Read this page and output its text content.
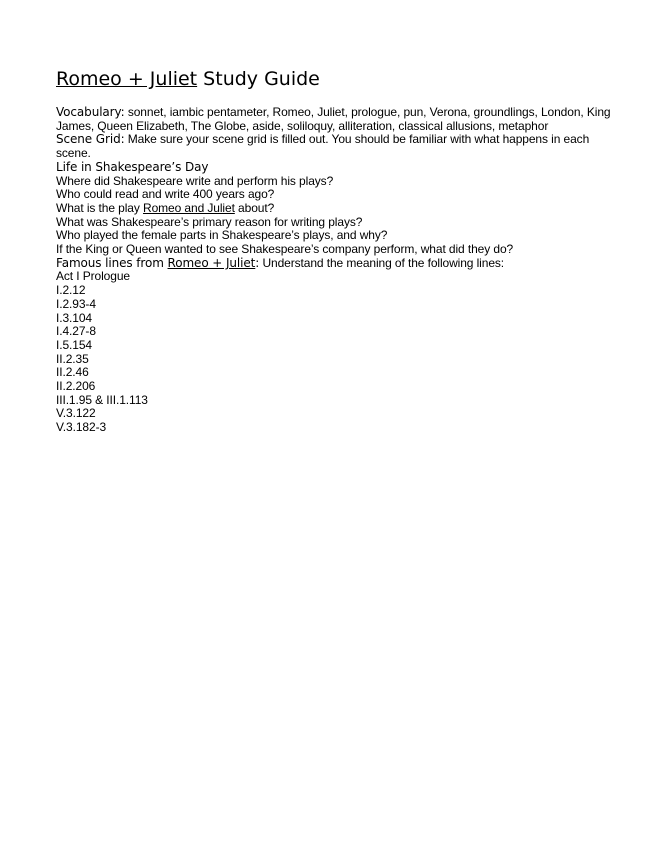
Romeo + Juliet Study Guide
Vocabulary: sonnet, iambic pentameter, Romeo, Juliet, prologue, pun, Verona, groundlings, London, King James, Queen Elizabeth, The Globe, aside, soliloquy, alliteration, classical allusions, metaphor
Scene Grid: Make sure your scene grid is filled out. You should be familiar with what happens in each scene.
Life in Shakespeare’s Day
Where did Shakespeare write and perform his plays?
Who could read and write 400 years ago?
What is the play Romeo and Juliet about?
What was Shakespeare’s primary reason for writing plays?
Who played the female parts in Shakespeare’s plays, and why?
If the King or Queen wanted to see Shakespeare’s company perform, what did they do?
Famous lines from Romeo + Juliet: Understand the meaning of the following lines:
Act I Prologue
I.2.12
I.2.93-4
I.3.104
I.4.27-8
I.5.154
II.2.35
II.2.46
II.2.206
III.1.95 & III.1.113
V.3.122
V.3.182-3
